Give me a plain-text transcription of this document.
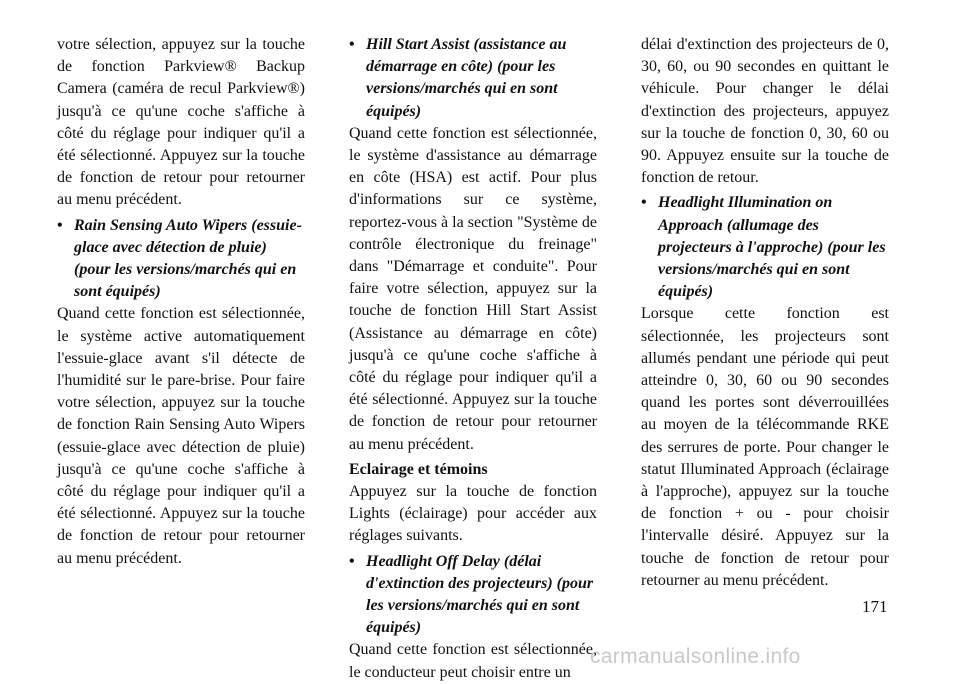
votre sélection, appuyez sur la touche de fonction Parkview® Backup Camera (caméra de recul Parkview®) jusqu'à ce qu'une coche s'affiche à côté du réglage pour indiquer qu'il a été sélectionné. Appuyez sur la touche de fonction de retour pour retourner au menu précédent.

• Rain Sensing Auto Wipers (essuie-glace avec détection de pluie) (pour les versions/marchés qui en sont équipés)

Quand cette fonction est sélectionnée, le système active automatiquement l'essuie-glace avant s'il détecte de l'humidité sur le pare-brise. Pour faire votre sélection, appuyez sur la touche de fonction Rain Sensing Auto Wipers (essuie-glace avec détection de pluie) jusqu'à ce qu'une coche s'affiche à côté du réglage pour indiquer qu'il a été sélectionné. Appuyez sur la touche de fonction de retour pour retourner au menu précédent.

• Hill Start Assist (assistance au démarrage en côte) (pour les versions/marchés qui en sont équipés)

Quand cette fonction est sélectionnée, le système d'assistance au démarrage en côte (HSA) est actif. Pour plus d'informations sur ce système, reportez-vous à la section "Système de contrôle électronique du freinage" dans "Démarrage et conduite". Pour faire votre sélection, appuyez sur la touche de fonction Hill Start Assist (Assistance au démarrage en côte) jusqu'à ce qu'une coche s'affiche à côté du réglage pour indiquer qu'il a été sélectionné. Appuyez sur la touche de fonction de retour pour retourner au menu précédent.

Eclairage et témoins

Appuyez sur la touche de fonction Lights (éclairage) pour accéder aux réglages suivants.

• Headlight Off Delay (délai d'extinction des projecteurs) (pour les versions/marchés qui en sont équipés)

Quand cette fonction est sélectionnée, le conducteur peut choisir entre un

délai d'extinction des projecteurs de 0, 30, 60, ou 90 secondes en quittant le véhicule. Pour changer le délai d'extinction des projecteurs, appuyez sur la touche de fonction 0, 30, 60 ou 90. Appuyez ensuite sur la touche de fonction de retour.

• Headlight Illumination on Approach (allumage des projecteurs à l'approche) (pour les versions/marchés qui en sont équipés)

Lorsque cette fonction est sélectionnée, les projecteurs sont allumés pendant une période qui peut atteindre 0, 30, 60 ou 90 secondes quand les portes sont déverrouillées au moyen de la télécommande RKE des serrures de porte. Pour changer le statut Illuminated Approach (éclairage à l'approche), appuyez sur la touche de fonction + ou - pour choisir l'intervalle désiré. Appuyez sur la touche de fonction de retour pour retourner au menu précédent.

171
carmanualsonline.info
